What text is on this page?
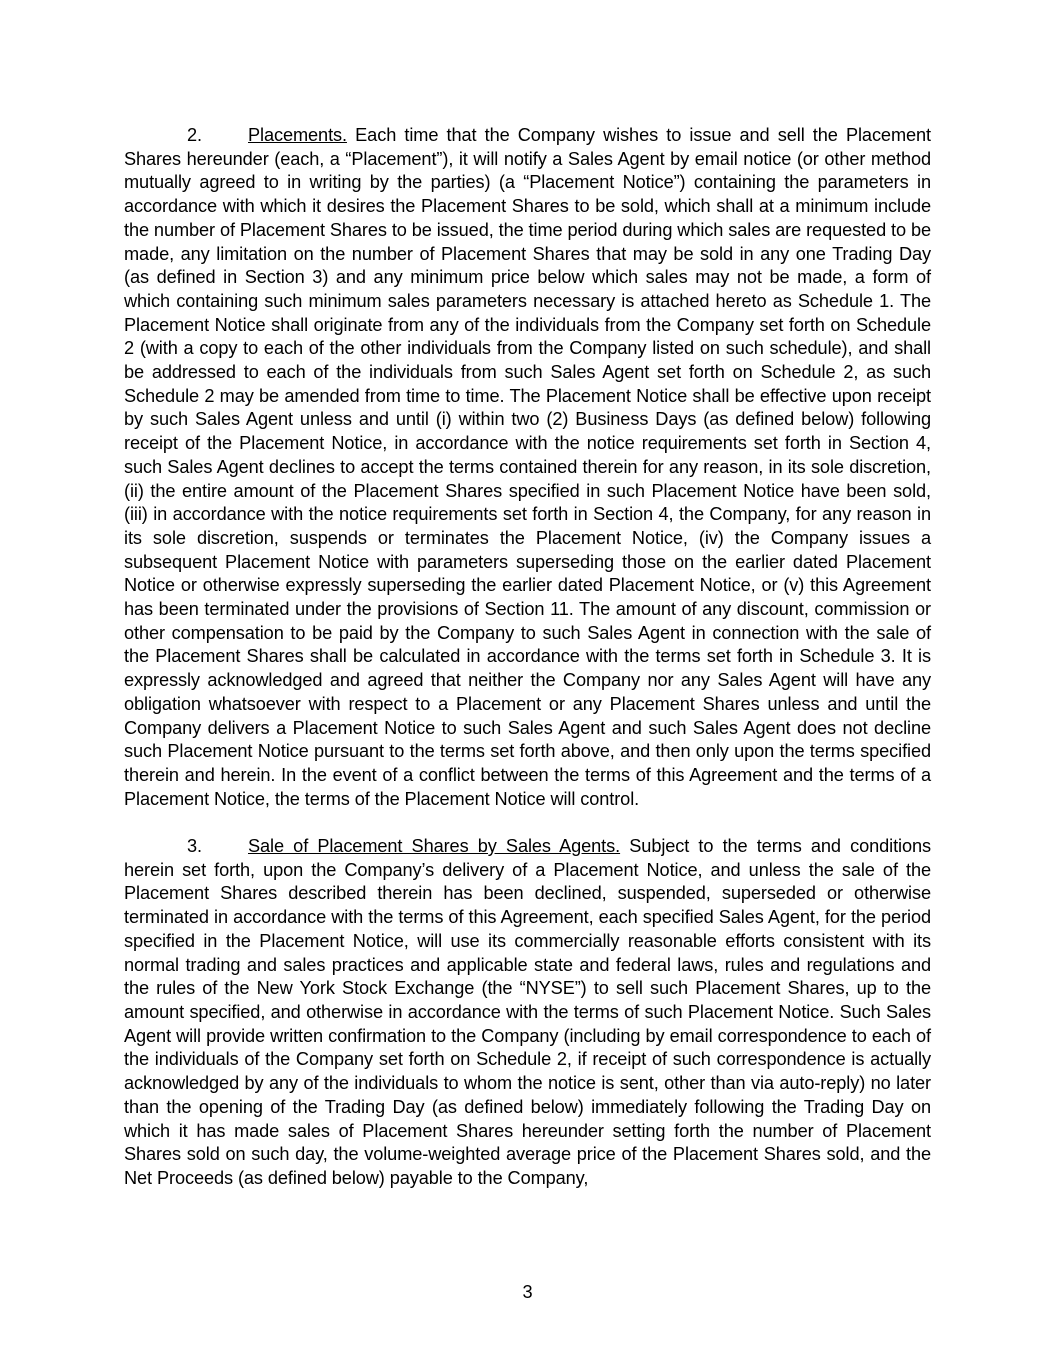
2.	Placements. Each time that the Company wishes to issue and sell the Placement Shares hereunder (each, a “Placement”), it will notify a Sales Agent by email notice (or other method mutually agreed to in writing by the parties) (a “Placement Notice”) containing the parameters in accordance with which it desires the Placement Shares to be sold, which shall at a minimum include the number of Placement Shares to be issued, the time period during which sales are requested to be made, any limitation on the number of Placement Shares that may be sold in any one Trading Day (as defined in Section 3) and any minimum price below which sales may not be made, a form of which containing such minimum sales parameters necessary is attached hereto as Schedule 1. The Placement Notice shall originate from any of the individuals from the Company set forth on Schedule 2 (with a copy to each of the other individuals from the Company listed on such schedule), and shall be addressed to each of the individuals from such Sales Agent set forth on Schedule 2, as such Schedule 2 may be amended from time to time. The Placement Notice shall be effective upon receipt by such Sales Agent unless and until (i) within two (2) Business Days (as defined below) following receipt of the Placement Notice, in accordance with the notice requirements set forth in Section 4, such Sales Agent declines to accept the terms contained therein for any reason, in its sole discretion, (ii) the entire amount of the Placement Shares specified in such Placement Notice have been sold, (iii) in accordance with the notice requirements set forth in Section 4, the Company, for any reason in its sole discretion, suspends or terminates the Placement Notice, (iv) the Company issues a subsequent Placement Notice with parameters superseding those on the earlier dated Placement Notice or otherwise expressly superseding the earlier dated Placement Notice, or (v) this Agreement has been terminated under the provisions of Section 11. The amount of any discount, commission or other compensation to be paid by the Company to such Sales Agent in connection with the sale of the Placement Shares shall be calculated in accordance with the terms set forth in Schedule 3. It is expressly acknowledged and agreed that neither the Company nor any Sales Agent will have any obligation whatsoever with respect to a Placement or any Placement Shares unless and until the Company delivers a Placement Notice to such Sales Agent and such Sales Agent does not decline such Placement Notice pursuant to the terms set forth above, and then only upon the terms specified therein and herein. In the event of a conflict between the terms of this Agreement and the terms of a Placement Notice, the terms of the Placement Notice will control.

3.	Sale of Placement Shares by Sales Agents. Subject to the terms and conditions herein set forth, upon the Company’s delivery of a Placement Notice, and unless the sale of the Placement Shares described therein has been declined, suspended, superseded or otherwise terminated in accordance with the terms of this Agreement, each specified Sales Agent, for the period specified in the Placement Notice, will use its commercially reasonable efforts consistent with its normal trading and sales practices and applicable state and federal laws, rules and regulations and the rules of the New York Stock Exchange (the “NYSE”) to sell such Placement Shares, up to the amount specified, and otherwise in accordance with the terms of such Placement Notice. Such Sales Agent will provide written confirmation to the Company (including by email correspondence to each of the individuals of the Company set forth on Schedule 2, if receipt of such correspondence is actually acknowledged by any of the individuals to whom the notice is sent, other than via auto-reply) no later than the opening of the Trading Day (as defined below) immediately following the Trading Day on which it has made sales of Placement Shares hereunder setting forth the number of Placement Shares sold on such day, the volume-weighted average price of the Placement Shares sold, and the Net Proceeds (as defined below) payable to the Company,

3
